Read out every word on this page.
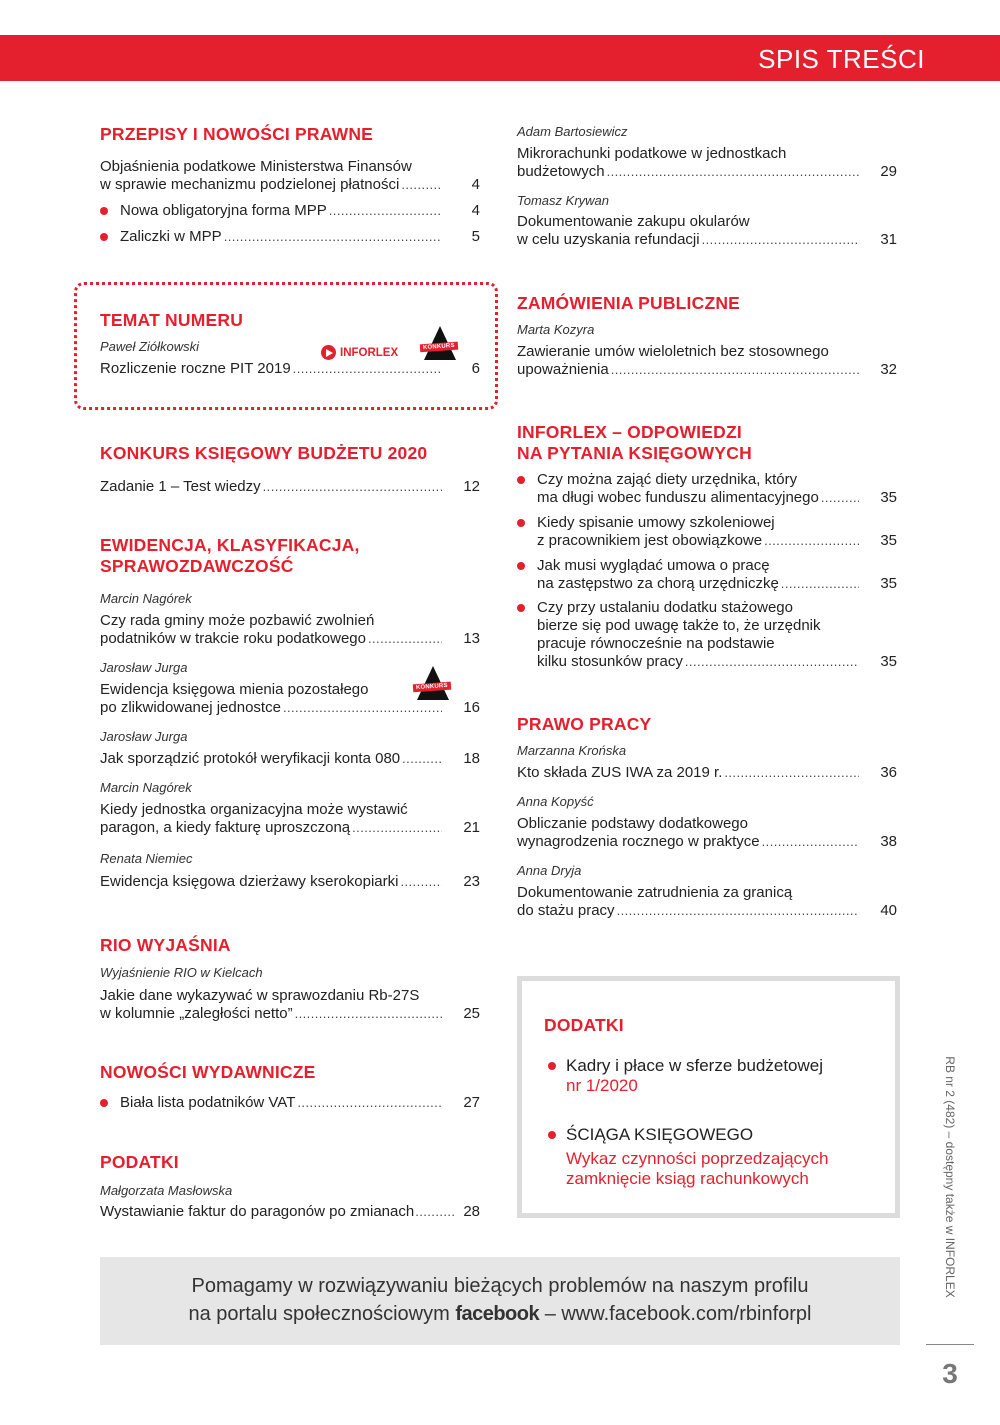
SPIS TREŚCI
PRZEPISY I NOWOŚCI PRAWNE
Objaśnienia podatkowe Ministerstwa Finansów
w sprawie mechanizmu podzielonej płatności . . .	4
Nowa obligatoryjna forma MPP . . .	4
Zaliczki w MPP . . .	5
TEMAT NUMERU
Paweł Ziółkowski	INFORLEX	KONKURS
Rozliczenie roczne PIT 2019 . . .	6
KONKURS KSIĘGOWY BUDŻETU 2020
Zadanie 1 – Test wiedzy . . .	12
EWIDENCJA, KLASYFIKACJA,
SPRAWOZDAWCZOŚĆ
Marcin Nagórek
Czy rada gminy może pozbawić zwolnień
podatników w trakcie roku podatkowego . . .	13
Jarosław Jurga
KONKURS
Ewidencja księgowa mienia pozostałego
po zlikwidowanej jednostce . . .	16
Jarosław Jurga
Jak sporządzić protokół weryfikacji konta 080 . . .	18
Marcin Nagórek
Kiedy jednostka organizacyjna może wystawić
paragon, a kiedy fakturę uproszczoną . . .	21
Renata Niemiec
Ewidencja księgowa dzierżawy kserokopiarki . . .	23
RIO WYJAŚNIA
Wyjaśnienie RIO w Kielcach
Jakie dane wykazywać w sprawozdaniu Rb-27S
w kolumnie „zaległości netto” . . .	25
NOWOŚCI WYDAWNICZE
Biała lista podatników VAT . . .	27
PODATKI
Małgorzata Masłowska
Wystawianie faktur do paragonów po zmianach . . .	28
Adam Bartosiewicz
Mikrorachunki podatkowe w jednostkach
budżetowych . . .	29
Tomasz Krywan
Dokumentowanie zakupu okularów
w celu uzyskania refundacji . . .	31
ZAMÓWIENIA PUBLICZNE
Marta Kozyra
Zawieranie umów wieloletnich bez stosownego
upoważnienia . . .	32
INFORLEX – ODPOWIEDZI
NA PYTANIA KSIĘGOWYCH
Czy można zająć diety urzędnika, który
ma długi wobec funduszu alimentacyjnego . . .	35
Kiedy spisanie umowy szkoleniowej
z pracownikiem jest obowiązkowe . . .	35
Jak musi wyglądać umowa o pracę
na zastępstwo za chorą urzędniczkę . . .	35
Czy przy ustalaniu dodatku stażowego
bierze się pod uwagę także to, że urzędnik
pracuje równocześnie na podstawie
kilku stosunków pracy . . .	35
PRAWO PRACY
Marzanna Krońska
Kto składa ZUS IWA za 2019 r. . . .	36
Anna Kopyść
Obliczanie podstawy dodatkowego
wynagrodzenia rocznego w praktyce . . .	38
Anna Dryja
Dokumentowanie zatrudnienia za granicą
do stażu pracy . . .	40
DODATKI
Kadry i płace w sferze budżetowej
nr 1/2020
ŚCIĄGA KSIĘGOWEGO
Wykaz czynności poprzedzających
zamknięcie ksiąg rachunkowych
Pomagamy w rozwiązywaniu bieżących problemów na naszym profilu
na portalu społecznościowym facebook – www.facebook.com/rbinforpl
RB nr 2 (482) – dostępny także w INFORLEX
3
